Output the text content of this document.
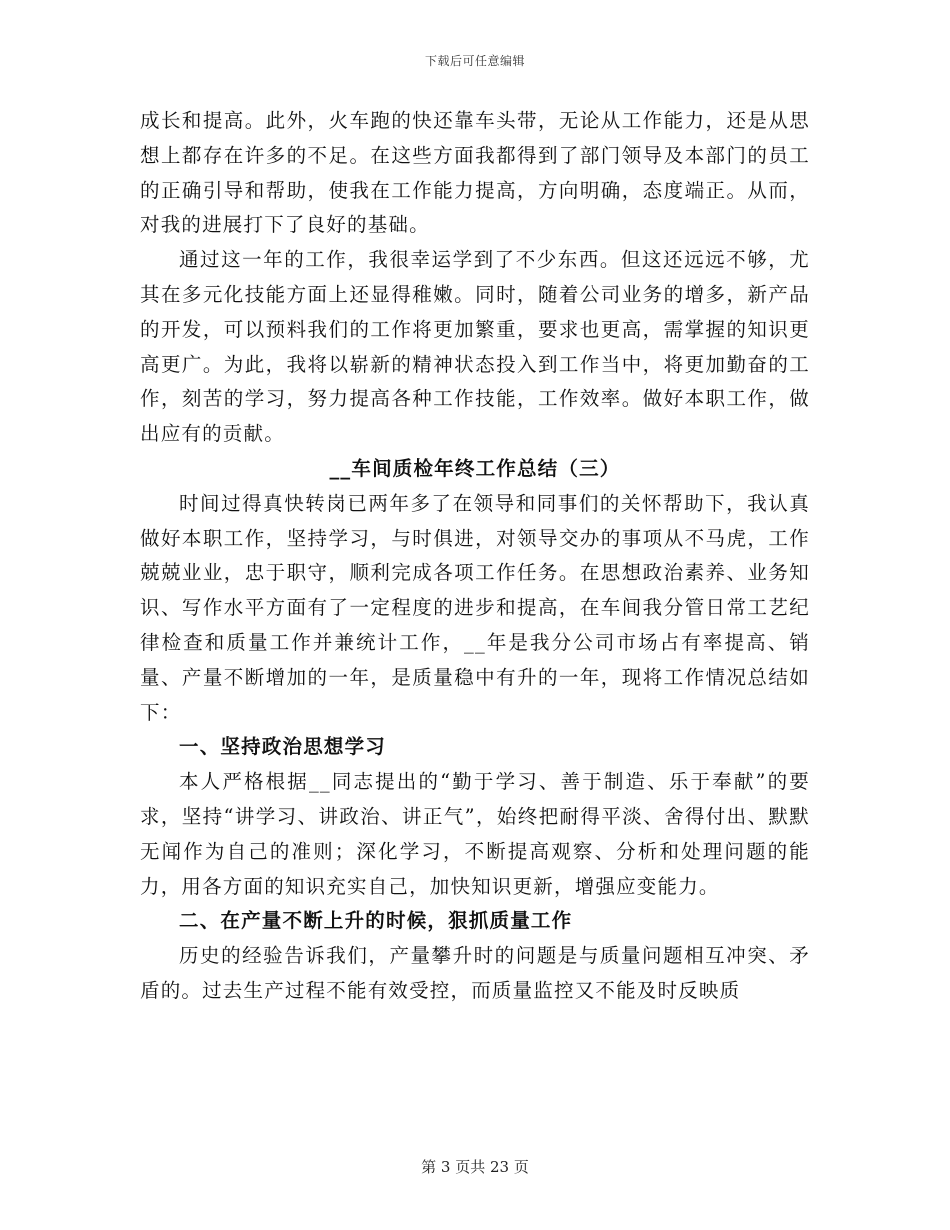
下载后可任意编辑

成长和提高。此外，火车跑的快还靠车头带，无论从工作能力，还是从思想上都存在许多的不足。在这些方面我都得到了部门领导及本部门的员工的正确引导和帮助，使我在工作能力提高，方向明确，态度端正。从而，对我的进展打下了良好的基础。

通过这一年的工作，我很幸运学到了不少东西。但这还远远不够，尤其在多元化技能方面上还显得稚嫩。同时，随着公司业务的增多，新产品的开发，可以预料我们的工作将更加繁重，要求也更高，需掌握的知识更高更广。为此，我将以崭新的精神状态投入到工作当中，将更加勤奋的工作，刻苦的学习，努力提高各种工作技能，工作效率。做好本职工作，做出应有的贡献。

__车间质检年终工作总结（三）

时间过得真快转岗已两年多了在领导和同事们的关怀帮助下，我认真做好本职工作，坚持学习，与时俱进，对领导交办的事项从不马虎，工作兢兢业业，忠于职守，顺利完成各项工作任务。在思想政治素养、业务知识、写作水平方面有了一定程度的进步和提高，在车间我分管日常工艺纪律检查和质量工作并兼统计工作，__年是我分公司市场占有率提高、销量、产量不断增加的一年，是质量稳中有升的一年，现将工作情况总结如下：

一、坚持政治思想学习

本人严格根据__同志提出的“勤于学习、善于制造、乐于奉献”的要求，坚持“讲学习、讲政治、讲正气”，始终把耐得平淡、舍得付出、默默无闻作为自己的准则；深化学习，不断提高观察、分析和处理问题的能力，用各方面的知识充实自己，加快知识更新，增强应变能力。

二、在产量不断上升的时候，狠抓质量工作

历史的经验告诉我们，产量攀升时的问题是与质量问题相互冲突、矛盾的。过去生产过程不能有效受控，而质量监控又不能及时反映质

第 3 页共 23 页
